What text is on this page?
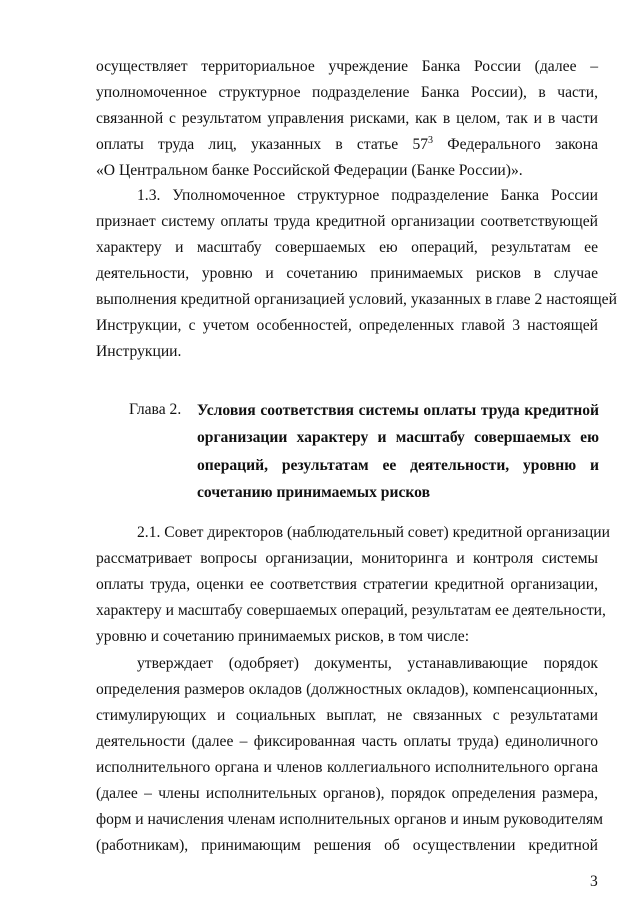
осуществляет территориальное учреждение Банка России (далее –
уполномоченное структурное подразделение Банка России), в части,
связанной с результатом управления рисками, как в целом, так и в части
оплаты труда лиц, указанных в статье $57^3$ Федерального закона
«О Центральном банке Российской Федерации (Банке России)».
1.3. Уполномоченное структурное подразделение Банка России
признает систему оплаты труда кредитной организации соответствующей
характеру и масштабу совершаемых ею операций, результатам ее
деятельности, уровню и сочетанию принимаемых рисков в случае
выполнения кредитной организацией условий, указанных в главе 2 настоящей
Инструкции, с учетом особенностей, определенных главой 3 настоящей
Инструкции.
Глава 2. Условия соответствия системы оплаты труда кредитной
организации характеру и масштабу совершаемых ею
операций, результатам ее деятельности, уровню и
сочетанию принимаемых рисков
2.1. Совет директоров (наблюдательный совет) кредитной организации
рассматривает вопросы организации, мониторинга и контроля системы
оплаты труда, оценки ее соответствия стратегии кредитной организации,
характеру и масштабу совершаемых операций, результатам ее деятельности,
уровню и сочетанию принимаемых рисков, в том числе:
утверждает (одобряет) документы, устанавливающие порядок
определения размеров окладов (должностных окладов), компенсационных,
стимулирующих и социальных выплат, не связанных с результатами
деятельности (далее – фиксированная часть оплаты труда) единоличного
исполнительного органа и членов коллегиального исполнительного органа
(далее – члены исполнительных органов), порядок определения размера,
форм и начисления членам исполнительных органов и иным руководителям
(работникам), принимающим решения об осуществлении кредитной
3
